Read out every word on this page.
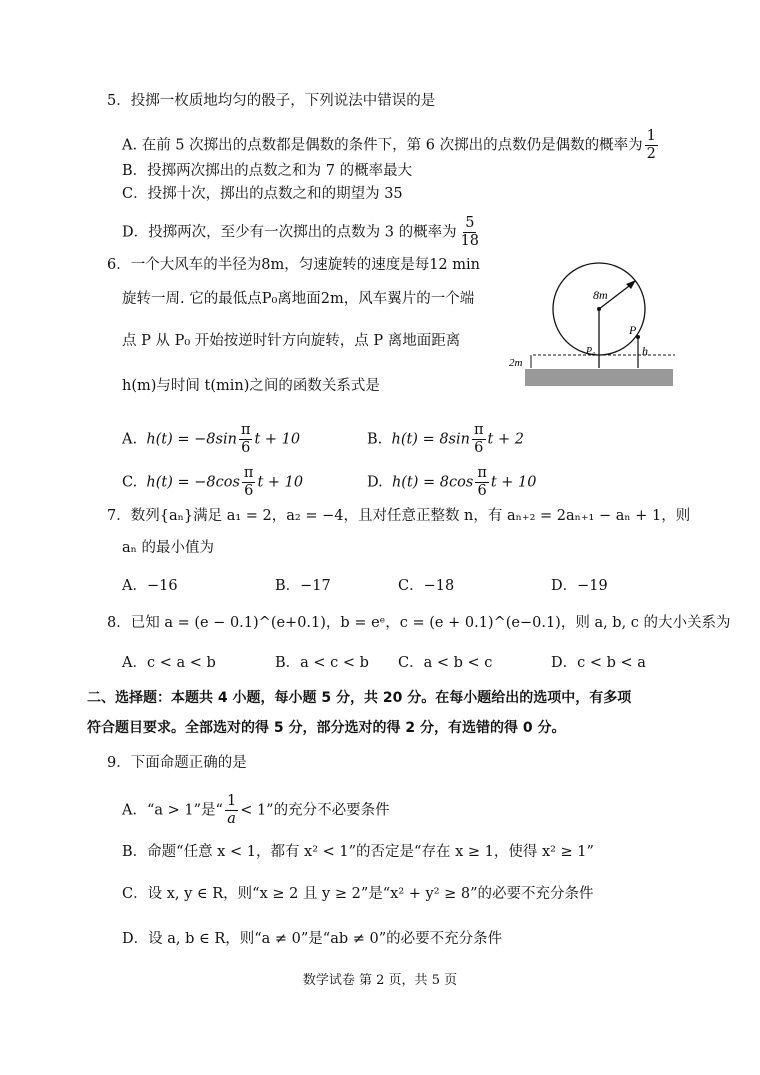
5．投掷一枚质地均匀的骰子，下列说法中错误的是
A. 在前 5 次掷出的点数都是偶数的条件下，第 6 次掷出的点数仍是偶数的概率为 $\frac{1}{2}$
B．投掷两次掷出的点数之和为 7 的概率最大
C．投掷十次，掷出的点数之和的期望为 35
D．投掷两次，至少有一次掷出的点数为 3 的概率为 $\frac{5}{18}$
6．一个大风车的半径为8m，匀速旋转的速度是每12 min
旋转一周. 它的最低点P₀离地面2m，风车翼片的一个端
点 P 从 P₀ 开始按逆时针方向旋转，点 P 离地面距离
h(m)与时间 t(min)之间的函数关系式是
8m
P
h
P₀
2m
A. $h(t) = -8\sin \frac{\pi}{6}$ t + 10	B. $h(t) = 8\sin \frac{\pi}{6}$ t + 2
C. $h(t) = -8\cos \frac{\pi}{6}$ t + 10	D. $h(t) = 8\cos \frac{\pi}{6}$ t + 10
7．数列{aₙ}满足 a₁ = 2，a₂ = −4，且对任意正整数 n，有 aₙ₊₂ = 2aₙ₊₁ − aₙ + 1，则
aₙ 的最小值为
A．−16	B．−17	C．−18	D．−19
8．已知 a = (e − 0.1)^(e+0.1)，b = eᵉ，c = (e + 0.1)^(e−0.1)，则 a, b, c 的大小关系为
A．c < a < b	B．a < c < b C．a < b < c	D．c < b < a
二、选择题：本题共 4 小题，每小题 5 分，共 20 分。在每小题给出的选项中，有多项
符合题目要求。全部选对的得 5 分，部分选对的得 2 分，有选错的得 0 分。
9．下面命题正确的是
A．“a > 1”是“ $\frac{1}{a} < 1$”的充分不必要条件
B．命题“任意 x < 1，都有 x² < 1”的否定是“存在 x ≥ 1，使得 x² ≥ 1”
C．设 x, y ∈ R，则“x ≥ 2 且 y ≥ 2”是“x² + y² ≥ 8”的必要不充分条件
D．设 a, b ∈ R，则“a ≠ 0”是“ab ≠ 0”的必要不充分条件
数学试卷 第 2 页，共 5 页
